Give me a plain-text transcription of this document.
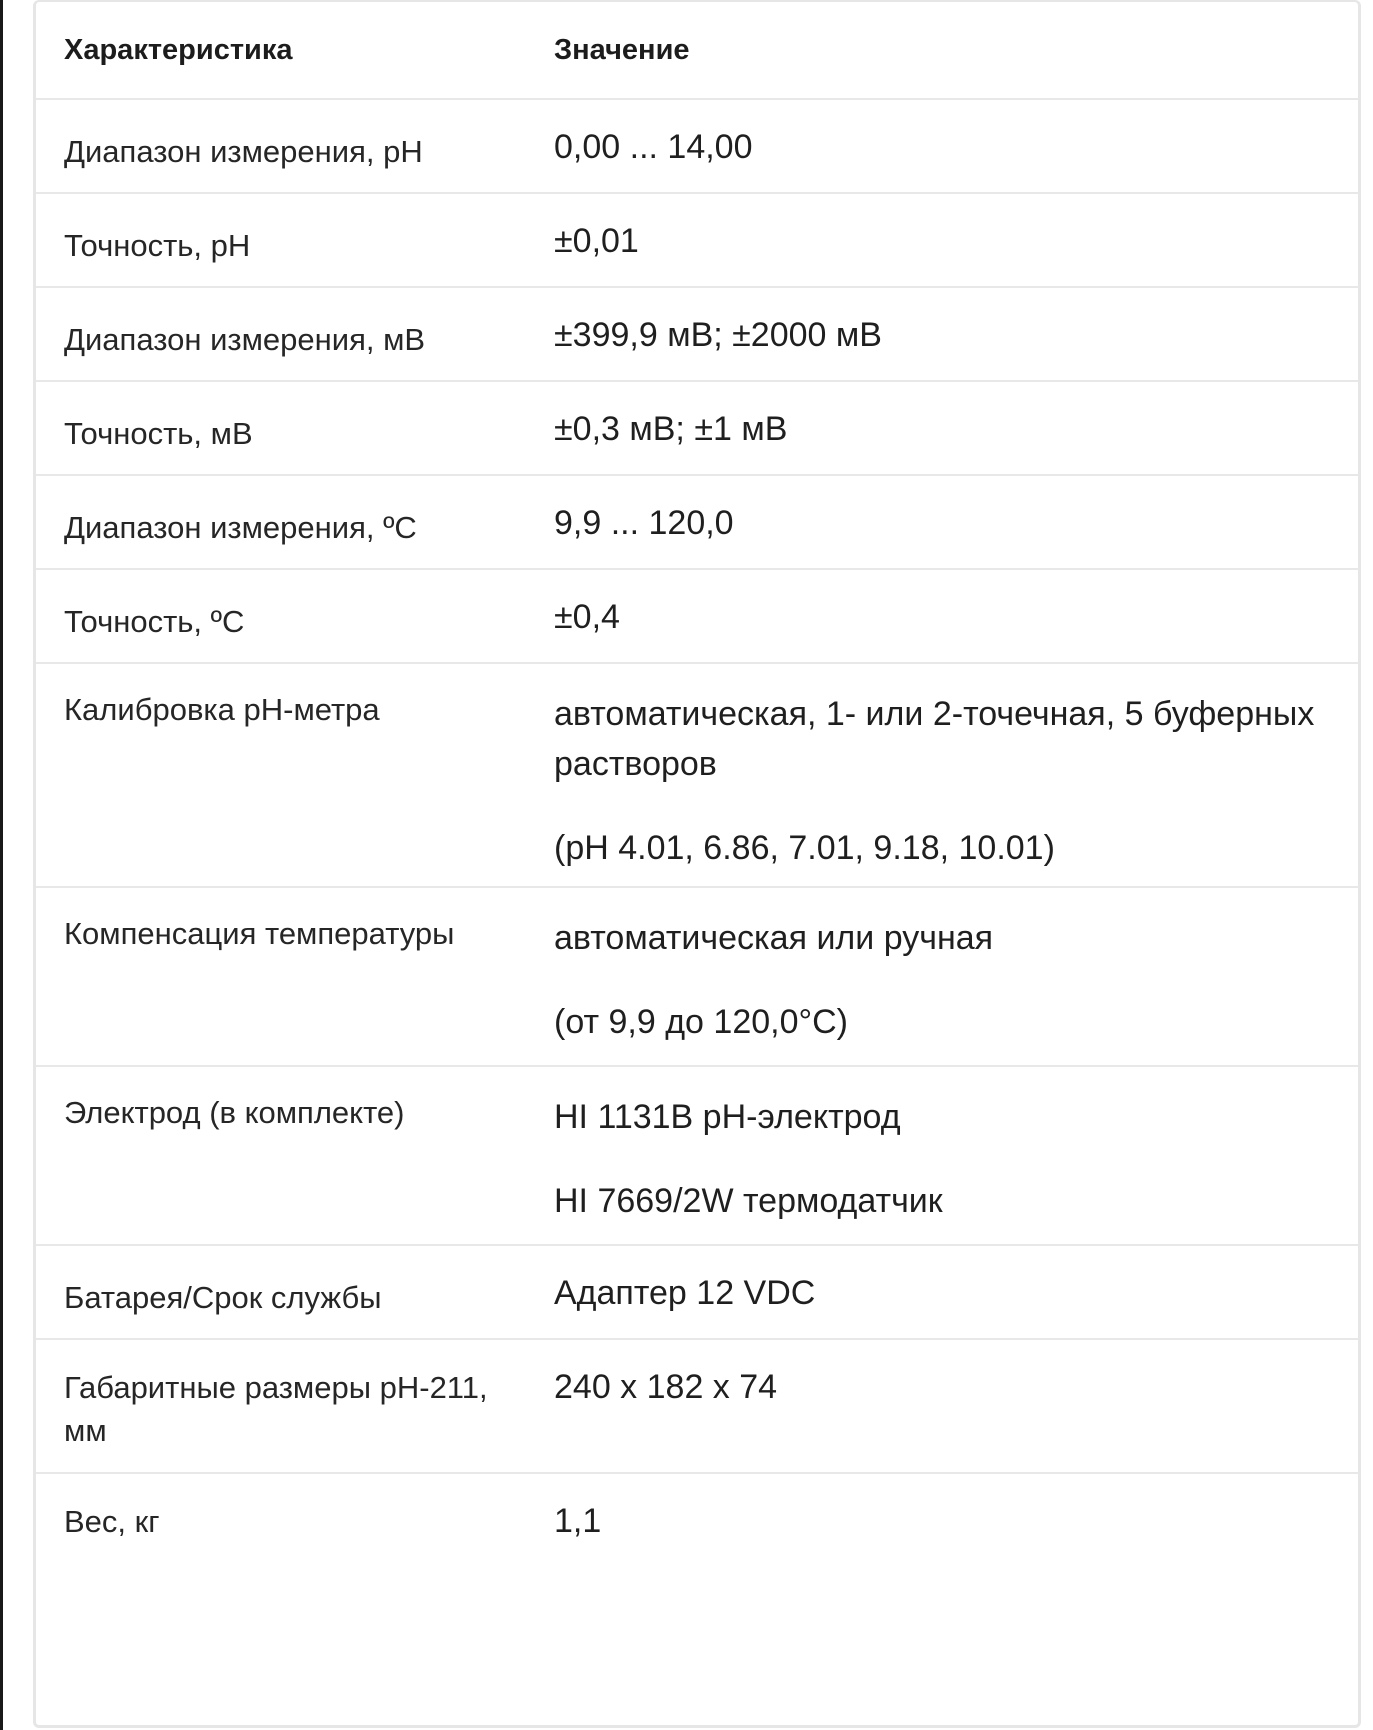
Характеристика	Значение

Диапазон измерения, pH	0,00 ... 14,00

Точность, pH	±0,01

Диапазон измерения, мВ	±399,9 мВ; ±2000 мВ

Точность, мВ	±0,3 мВ; ±1 мВ

Диапазон измерения, ºС	9,9 ... 120,0

Точность, ºС	±0,4

Калибровка pH-метра	автоматическая, 1- или 2-точечная, 5 буферных растворов

(pH 4.01, 6.86, 7.01, 9.18, 10.01)

Компенсация температуры	автоматическая или ручная

(от 9,9 до 120,0°С)

Электрод (в комплекте)	HI 1131B pH-электрод

HI 7669/2W термодатчик

Батарея/Срок службы	Адаптер 12 VDC

Габаритные размеры pH-211, мм	240 x 182 x 74

Вес, кг	1,1
